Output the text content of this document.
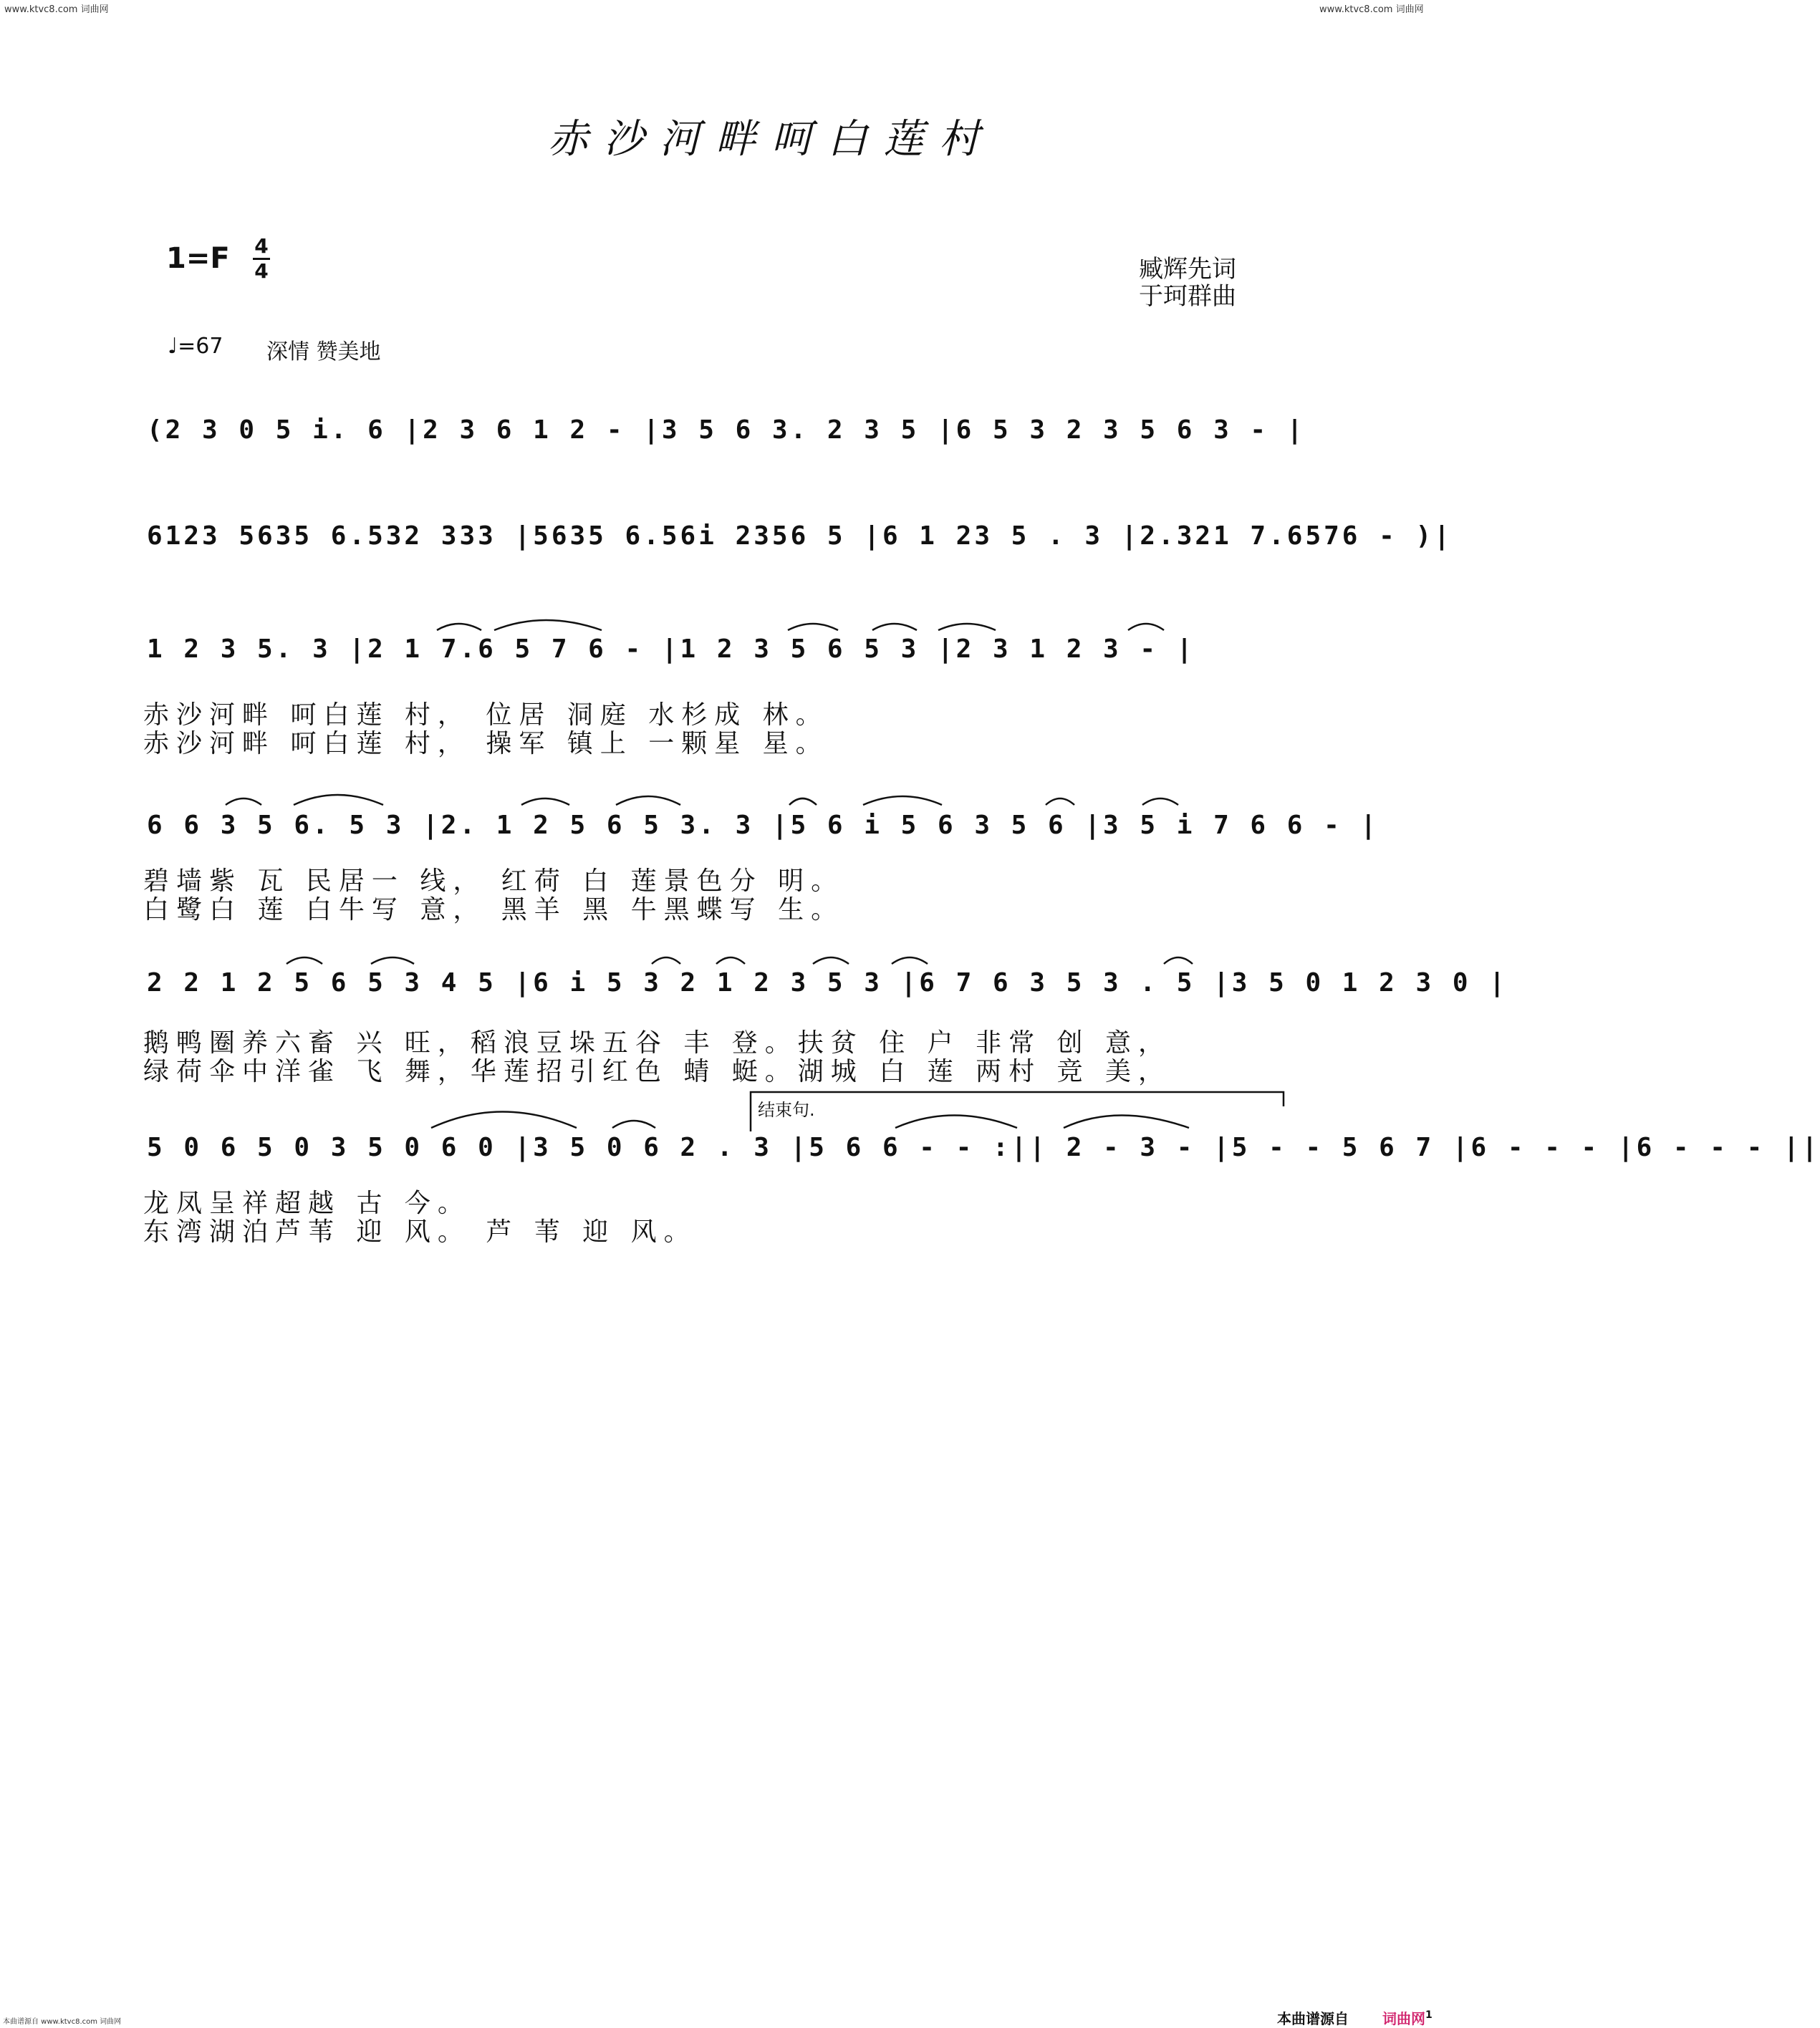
www.ktvc8.com 词曲网	www.ktvc8.com 词曲网
赤沙河畔呵白莲村
1=F 4
4	臧辉先词
于珂群曲
♩=67 深情 赞美地
(2 3 0 5 i. 6 |2 3 6 1 2 - |3 5 6 3. 2 3 5 |6 5 3 2 3 5 6 3 - |
6123 5635 6.532 333 |5635 6.56i 2356 5 |6 1 23 5 . 3 |2.321 7.6576 - )|
1 2 3 5. 3 |2 1 7.6 5 7 6 - |1 2 3 5 6 5 3 |2 3 1 2 3 - |
赤沙河畔 呵白莲 村， 位居 洞庭 水杉成 林。
赤沙河畔 呵白莲 村， 操军 镇上 一颗星 星。
6 6 3 5 6. 5 3 |2. 1 2 5 6 5 3. 3 |5 6 i 5 6 3 5 6 |3 5 i 7 6 6 - |
碧墙紫 瓦 民居一 线， 红荷 白 莲景色分 明。
白鹭白 莲 白牛写 意， 黑羊 黑 牛黑蝶写 生。
2 2 1 2 5 6 5 3 4 5 |6 i 5 3 2 1 2 3 5 3 |6 7 6 3 5 3 . 5 |3 5 0 1 2 3 0 |
鹅鸭圈养六畜 兴 旺，稻浪豆垛五谷 丰 登。扶贫 住 户 非常 创 意，
绿荷伞中洋雀 飞 舞，华莲招引红色 蜻 蜓。湖城 白 莲 两村 竞 美，
结束句.
5 0 6 5 0 3 5 0 6 0 |3 5 0 6 2 . 3 |5 6 6 - - :|| 2 - 3 - |5 - - 5 6 7 |6 - - - |6 - - - ||
龙凤呈祥超越 古 今。
东湾湖泊芦苇 迎 风。 芦 苇 迎 风。
本曲谱源自 www.ktvc8.com 词曲网	本曲谱源自 词曲网 1
